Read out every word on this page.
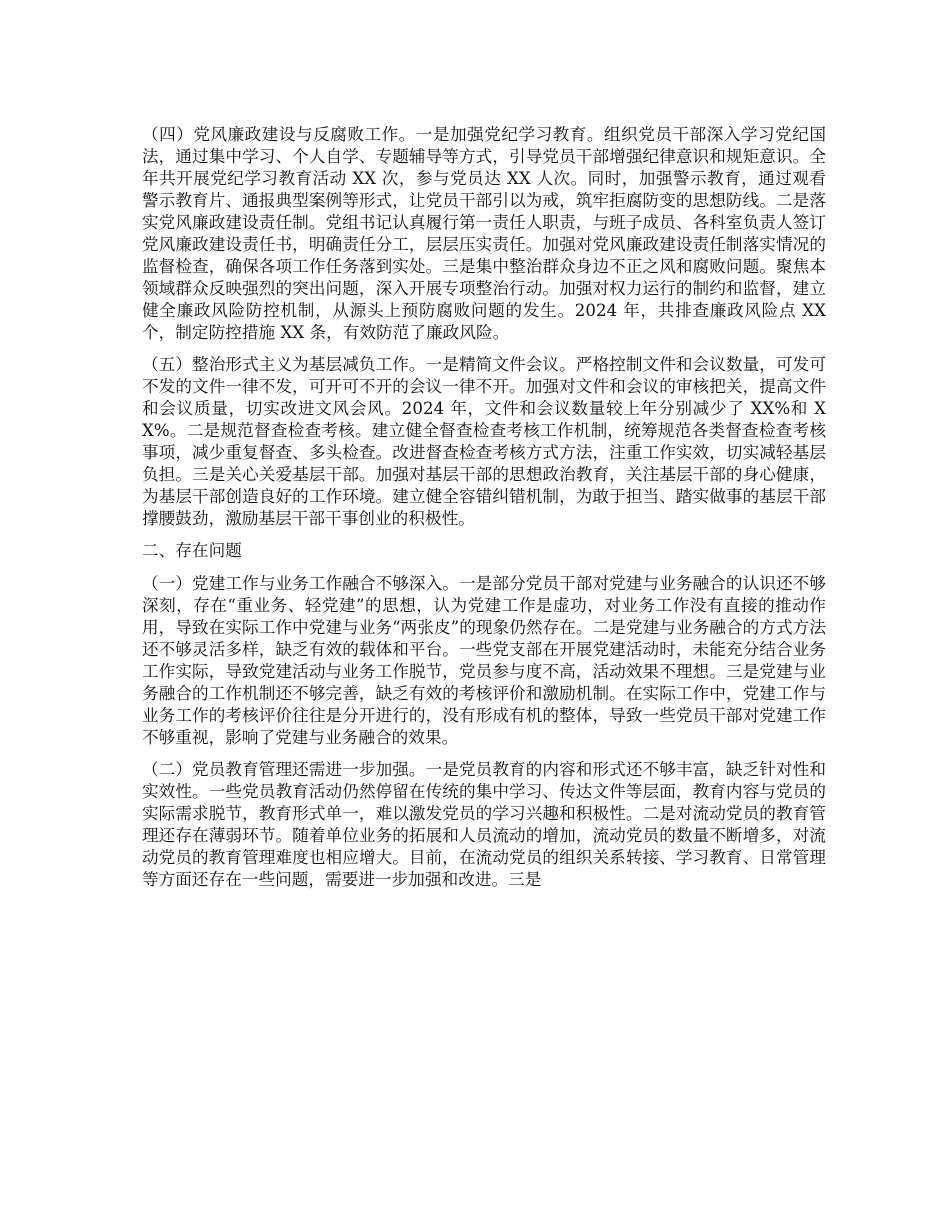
（四）党风廉政建设与反腐败工作。一是加强党纪学习教育。组织党员干部深入学习党纪国法，通过集中学习、个人自学、专题辅导等方式，引导党员干部增强纪律意识和规矩意识。全年共开展党纪学习教育活动 XX 次，参与党员达 XX 人次。同时，加强警示教育，通过观看警示教育片、通报典型案例等形式，让党员干部引以为戒，筑牢拒腐防变的思想防线。二是落实党风廉政建设责任制。党组书记认真履行第一责任人职责，与班子成员、各科室负责人签订党风廉政建设责任书，明确责任分工，层层压实责任。加强对党风廉政建设责任制落实情况的监督检查，确保各项工作任务落到实处。三是集中整治群众身边不正之风和腐败问题。聚焦本领域群众反映强烈的突出问题，深入开展专项整治行动。加强对权力运行的制约和监督，建立健全廉政风险防控机制，从源头上预防腐败问题的发生。2024 年，共排查廉政风险点 XX 个，制定防控措施 XX 条，有效防范了廉政风险。

（五）整治形式主义为基层减负工作。一是精简文件会议。严格控制文件和会议数量，可发可不发的文件一律不发，可开可不开的会议一律不开。加强对文件和会议的审核把关，提高文件和会议质量，切实改进文风会风。2024 年，文件和会议数量较上年分别减少了 XX%和 XX%。二是规范督查检查考核。建立健全督查检查考核工作机制，统筹规范各类督查检查考核事项，减少重复督查、多头检查。改进督查检查考核方式方法，注重工作实效，切实减轻基层负担。三是关心关爱基层干部。加强对基层干部的思想政治教育，关注基层干部的身心健康，为基层干部创造良好的工作环境。建立健全容错纠错机制，为敢于担当、踏实做事的基层干部撑腰鼓劲，激励基层干部干事创业的积极性。

二、存在问题

（一）党建工作与业务工作融合不够深入。一是部分党员干部对党建与业务融合的认识还不够深刻，存在“重业务、轻党建”的思想，认为党建工作是虚功，对业务工作没有直接的推动作用，导致在实际工作中党建与业务“两张皮”的现象仍然存在。二是党建与业务融合的方式方法还不够灵活多样，缺乏有效的载体和平台。一些党支部在开展党建活动时，未能充分结合业务工作实际，导致党建活动与业务工作脱节，党员参与度不高，活动效果不理想。三是党建与业务融合的工作机制还不够完善，缺乏有效的考核评价和激励机制。在实际工作中，党建工作与业务工作的考核评价往往是分开进行的，没有形成有机的整体，导致一些党员干部对党建工作不够重视，影响了党建与业务融合的效果。

（二）党员教育管理还需进一步加强。一是党员教育的内容和形式还不够丰富，缺乏针对性和实效性。一些党员教育活动仍然停留在传统的集中学习、传达文件等层面，教育内容与党员的实际需求脱节，教育形式单一，难以激发党员的学习兴趣和积极性。二是对流动党员的教育管理还存在薄弱环节。随着单位业务的拓展和人员流动的增加，流动党员的数量不断增多，对流动党员的教育管理难度也相应增大。目前，在流动党员的组织关系转接、学习教育、日常管理等方面还存在一些问题，需要进一步加强和改进。三是
